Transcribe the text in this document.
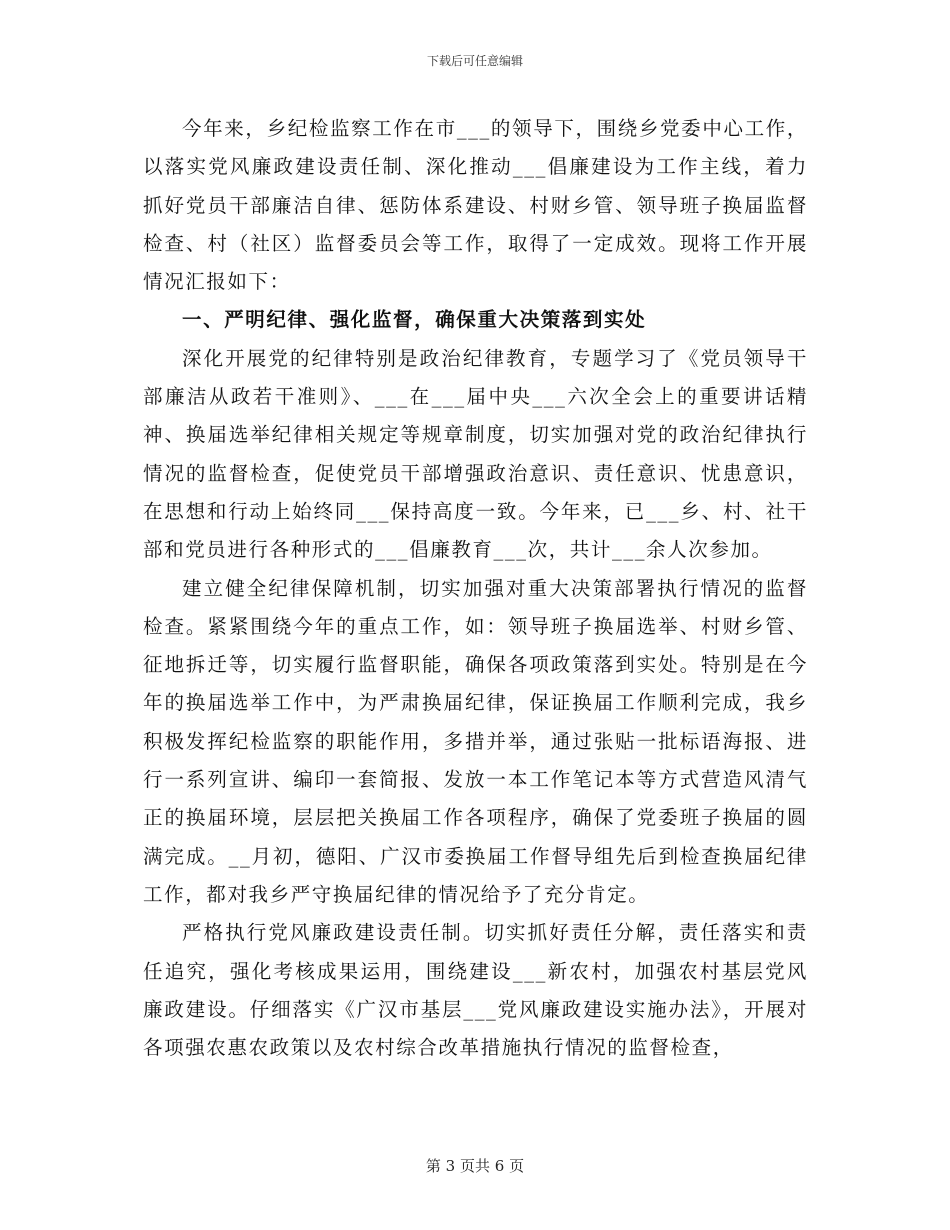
下载后可任意编辑

今年来，乡纪检监察工作在市___的领导下，围绕乡党委中心工作，以落实党风廉政建设责任制、深化推动___倡廉建设为工作主线，着力抓好党员干部廉洁自律、惩防体系建设、村财乡管、领导班子换届监督检查、村（社区）监督委员会等工作，取得了一定成效。现将工作开展情况汇报如下：

一、严明纪律、强化监督，确保重大决策落到实处

深化开展党的纪律特别是政治纪律教育，专题学习了《党员领导干部廉洁从政若干准则》、___在___届中央___六次全会上的重要讲话精神、换届选举纪律相关规定等规章制度，切实加强对党的政治纪律执行情况的监督检查，促使党员干部增强政治意识、责任意识、忧患意识，在思想和行动上始终同___保持高度一致。今年来，已___乡、村、社干部和党员进行各种形式的___倡廉教育___次，共计___余人次参加。

建立健全纪律保障机制，切实加强对重大决策部署执行情况的监督检查。紧紧围绕今年的重点工作，如：领导班子换届选举、村财乡管、征地拆迁等，切实履行监督职能，确保各项政策落到实处。特别是在今年的换届选举工作中，为严肃换届纪律，保证换届工作顺利完成，我乡积极发挥纪检监察的职能作用，多措并举，通过张贴一批标语海报、进行一系列宣讲、编印一套简报、发放一本工作笔记本等方式营造风清气正的换届环境，层层把关换届工作各项程序，确保了党委班子换届的圆满完成。__月初，德阳、广汉市委换届工作督导组先后到检查换届纪律工作，都对我乡严守换届纪律的情况给予了充分肯定。

严格执行党风廉政建设责任制。切实抓好责任分解，责任落实和责任追究，强化考核成果运用，围绕建设___新农村，加强农村基层党风廉政建设。仔细落实《广汉市基层___党风廉政建设实施办法》，开展对各项强农惠农政策以及农村综合改革措施执行情况的监督检查，

第 3 页共 6 页
